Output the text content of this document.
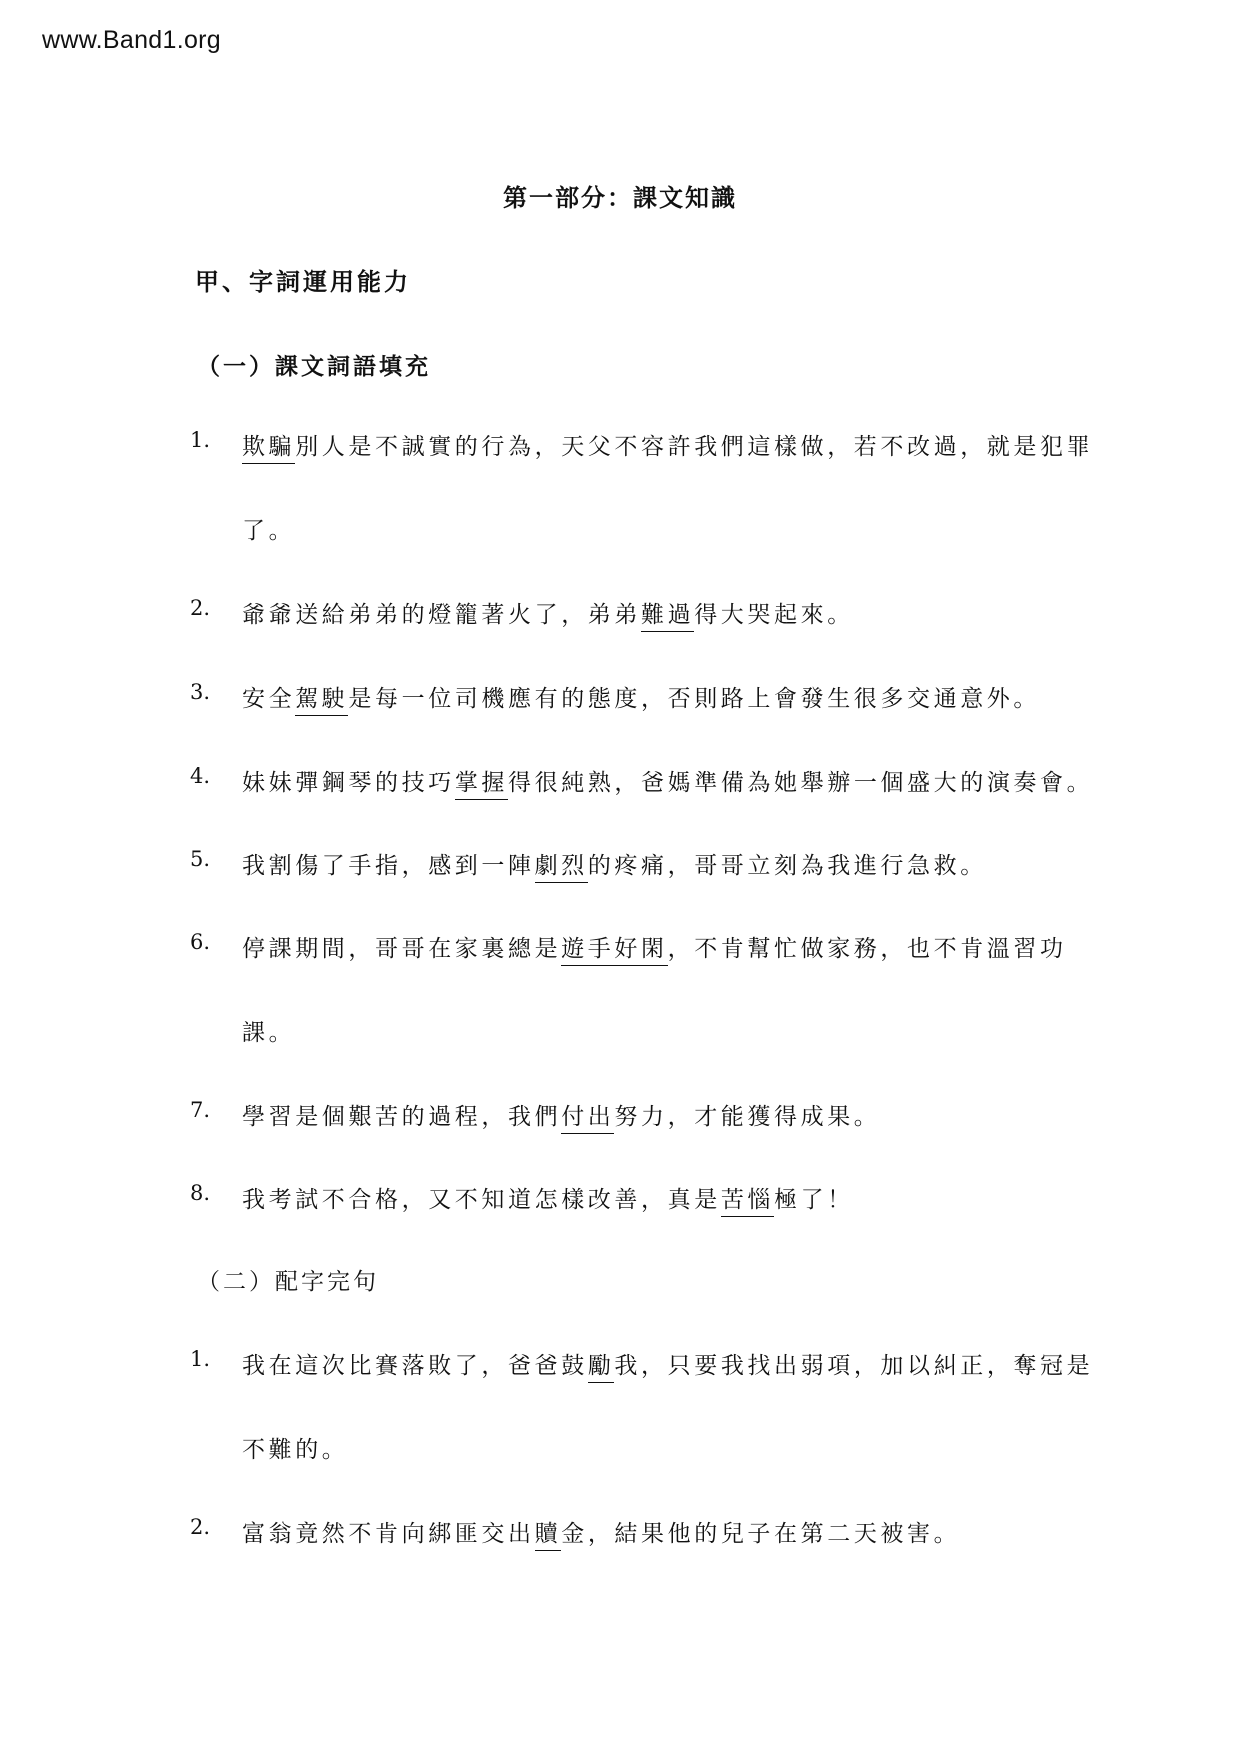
www.Band1.org
第一部分：課文知識
甲、字詞運用能力
（一）課文詞語填充
1. 欺騙別人是不誠實的行為，天父不容許我們這樣做，若不改過，就是犯罪
了。
2. 爺爺送給弟弟的燈籠著火了，弟弟難過得大哭起來。
3. 安全駕駛是每一位司機應有的態度，否則路上會發生很多交通意外。
4. 妹妹彈鋼琴的技巧掌握得很純熟，爸媽準備為她舉辦一個盛大的演奏會。
5. 我割傷了手指，感到一陣劇烈的疼痛，哥哥立刻為我進行急救。
6. 停課期間，哥哥在家裏總是遊手好閑，不肯幫忙做家務，也不肯溫習功
課。
7. 學習是個艱苦的過程，我們付出努力，才能獲得成果。
8. 我考試不合格，又不知道怎樣改善，真是苦惱極了！
（二）配字完句
1. 我在這次比賽落敗了，爸爸鼓勵我，只要我找出弱項，加以糾正，奪冠是
不難的。
2. 富翁竟然不肯向綁匪交出贖金，結果他的兒子在第二天被害。
